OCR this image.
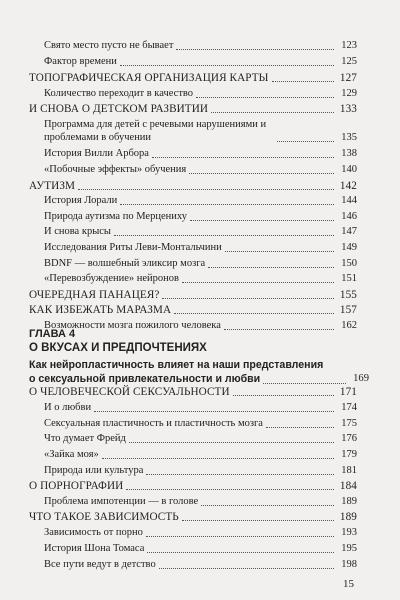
Свято место пусто не бывает	123
Фактор времени	125
ТОПОГРАФИЧЕСКАЯ ОРГАНИЗАЦИЯ КАРТЫ	127
Количество переходит в качество	129
И СНОВА О ДЕТСКОМ РАЗВИТИИ	133
Программа для детей с речевыми нарушениями и проблемами в обучении	135
История Вилли Арбора	138
«Побочные эффекты» обучения	140
АУТИЗМ	142
История Лорали	144
Природа аутизма по Мерцениху	146
И снова крысы	147
Исследования Риты Леви-Монтальчини	149
BDNF — волшебный эликсир мозга	150
«Перевозбуждение» нейронов	151
ОЧЕРЕДНАЯ ПАНАЦЕЯ?	155
КАК ИЗБЕЖАТЬ МАРАЗМА	157
Возможности мозга пожилого человека	162
ГЛАВА 4
О ВКУСАХ И ПРЕДПОЧТЕНИЯХ
Как нейропластичность влияет на наши представления
о сексуальной привлекательности и любви	169
О ЧЕЛОВЕЧЕСКОЙ СЕКСУАЛЬНОСТИ	171
И о любви	174
Сексуальная пластичность и пластичность мозга	175
Что думает Фрейд	176
«Зайка моя»	179
Природа или культура	181
О ПОРНОГРАФИИ	184
Проблема импотенции — в голове	189
ЧТО ТАКОЕ ЗАВИСИМОСТЬ	189
Зависимость от порно	193
История Шона Томаса	195
Все пути ведут в детство	198
15
